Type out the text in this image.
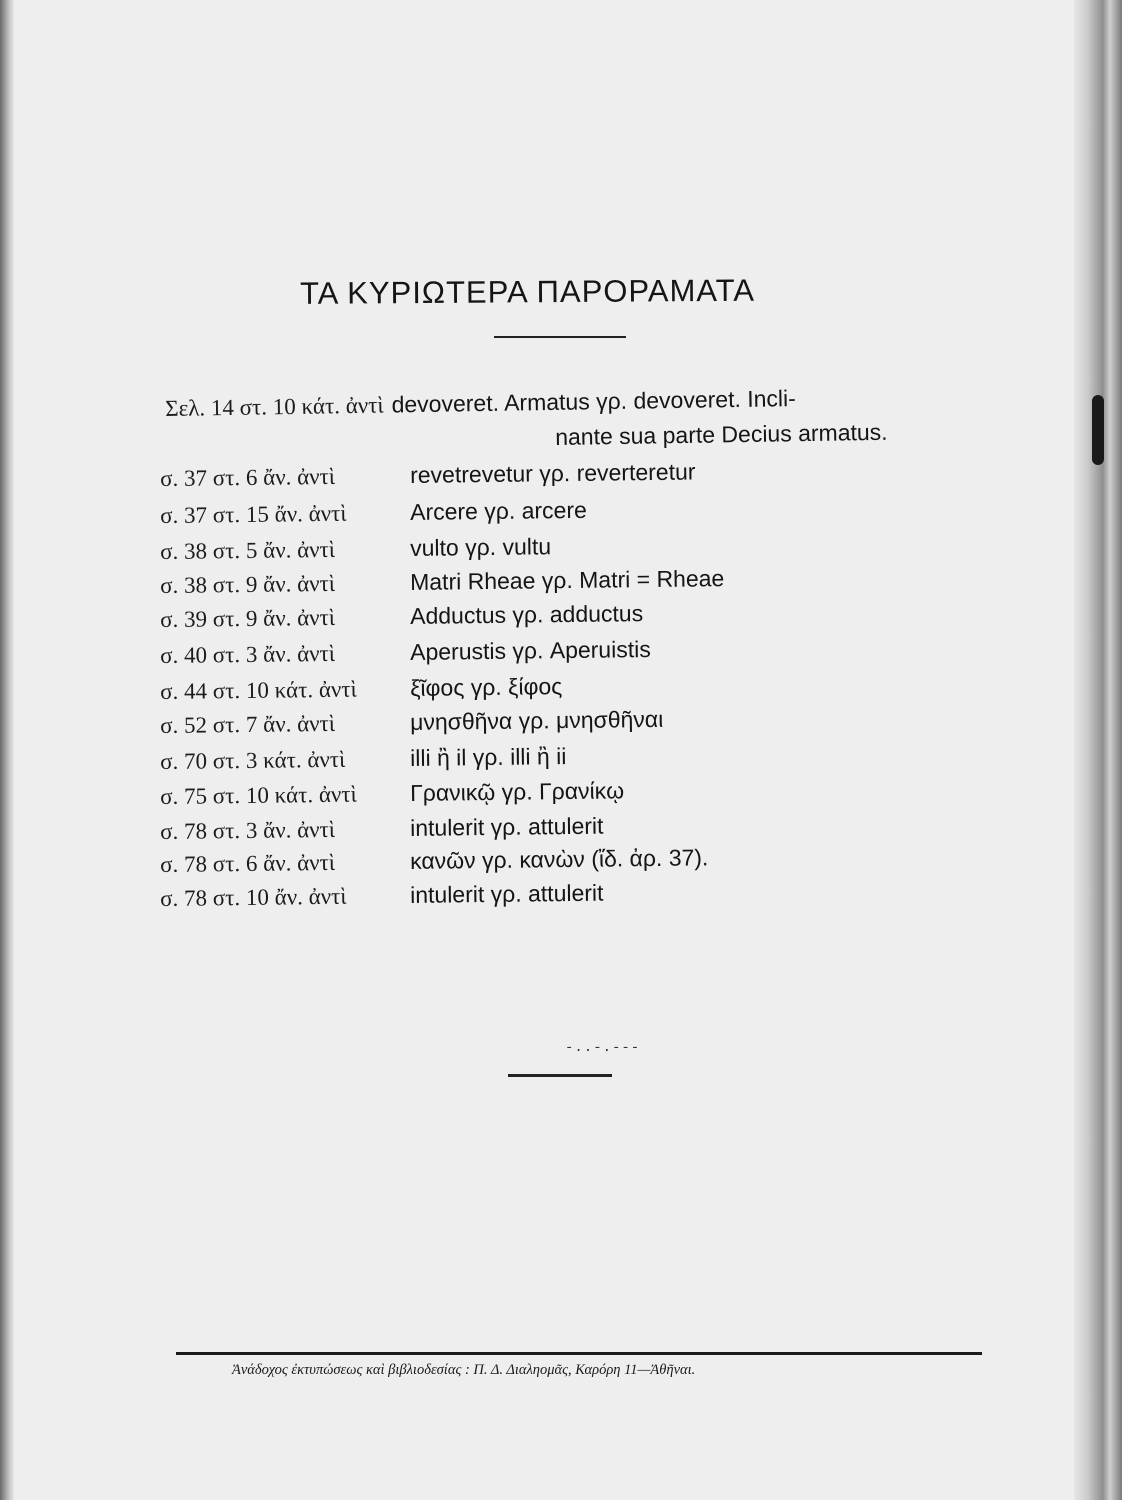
ΤΑ ΚΥΡΙΩΤΕΡΑ ΠΑΡΟΡΑΜΑΤΑ
Σελ. 14 στ. 10 κάτ. ἀντὶ devoveret. Armatus γρ. devoveret. Incli-
nante sua parte Decius armatus.
σ. 37 στ. 6 ἄν. ἀντὶ	revetrevetur γρ. reverteretur
σ. 37 στ. 15 ἄν. ἀντὶ	Arcere γρ. arcere
σ. 38 στ. 5 ἄν. ἀντὶ	vulto γρ. vultu
σ. 38 στ. 9 ἄν. ἀντὶ	Matri Rheae γρ. Matri = Rheae
σ. 39 στ. 9 ἄν. ἀντὶ	Adductus γρ. adductus
σ. 40 στ. 3 ἄν. ἀντὶ	Aperustis γρ. Aperuistis
σ. 44 στ. 10 κάτ. ἀντὶ ξῖφος γρ. ξίφος
σ. 52 στ. 7 ἄν. ἀντὶ	μνησθῆνα γρ. μνησθῆναι
σ. 70 στ. 3 κάτ. ἀντὶ	illi ἢ il γρ. illi ἢ ii
σ. 75 στ. 10 κάτ. ἀντὶ Γρανικῷ γρ. Γρανίκῳ
σ. 78 στ. 3 ἄν. ἀντὶ	intulerit γρ. attulerit
σ. 78 στ. 6 ἄν. ἀντὶ	κανῶν γρ. κανὼν (ἴδ. ἀρ. 37).
σ. 78 στ. 10 ἄν. ἀντὶ	intulerit γρ. attulerit
-..-.---
Ἀνάδοχος ἐκτυπώσεως καὶ βιβλιοδεσίας : Π. Δ. Διαληομᾶς, Καρόρη 11—Ἀθῆναι.
